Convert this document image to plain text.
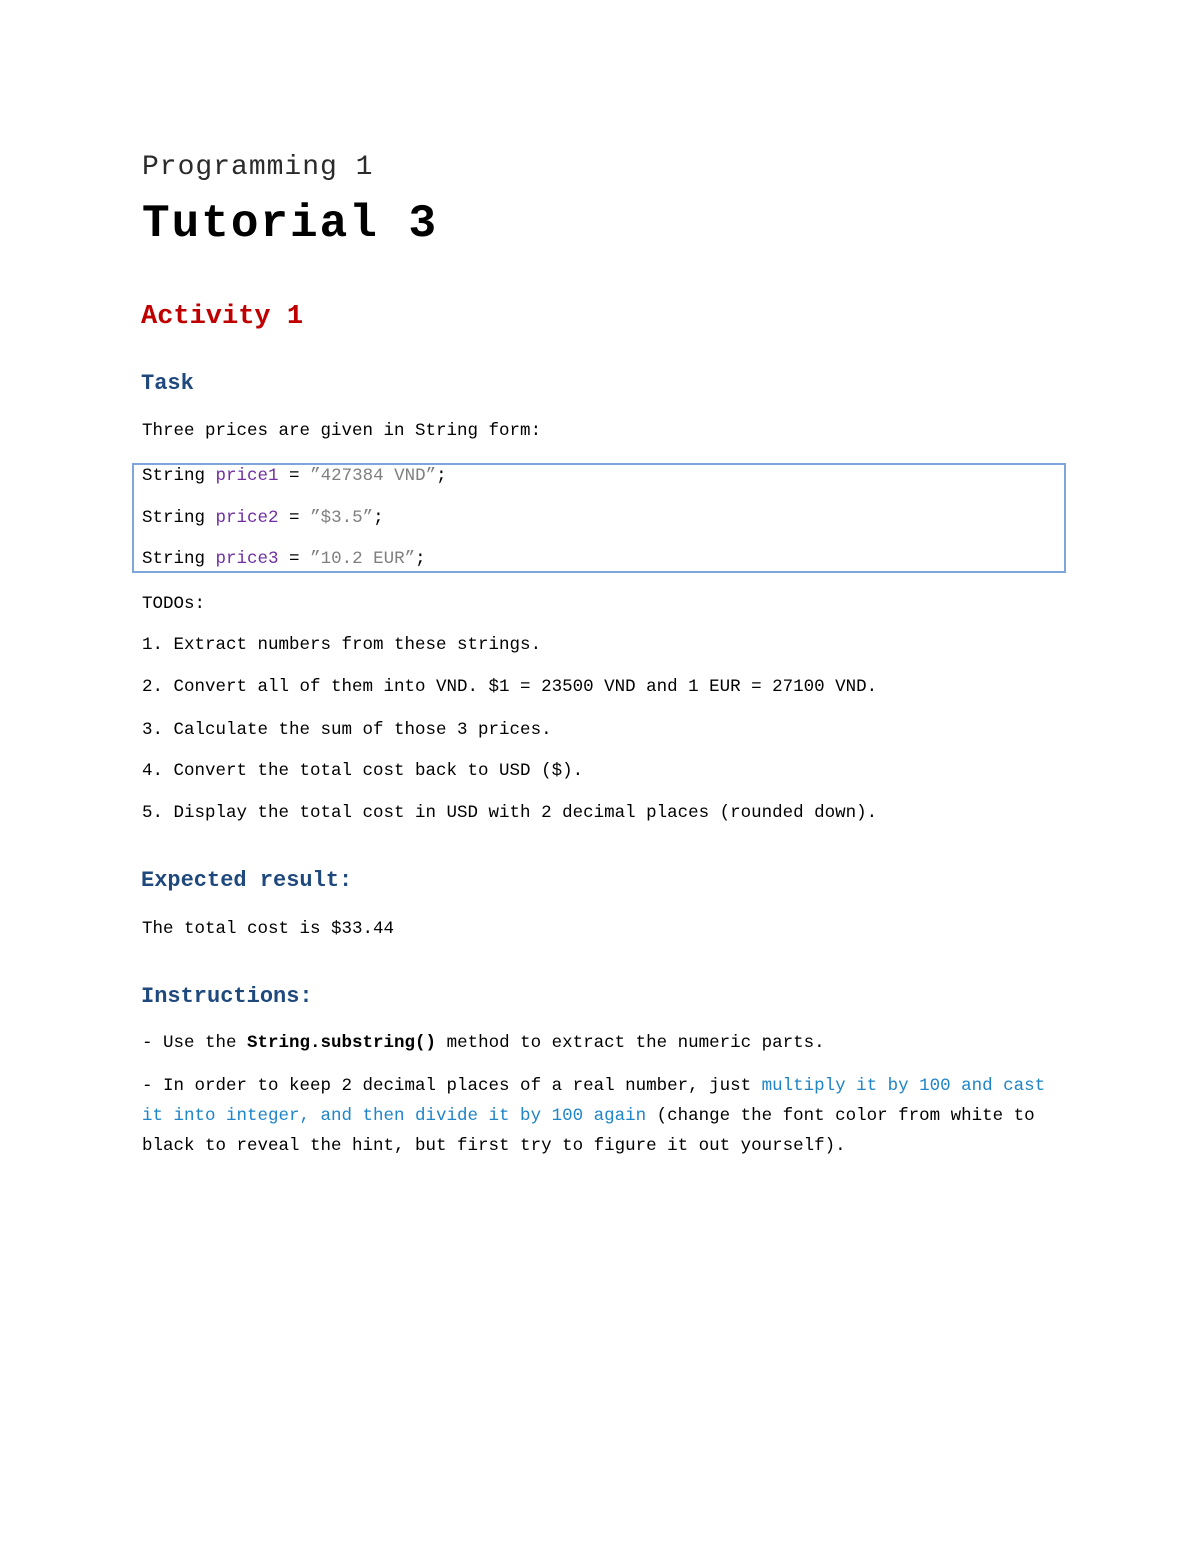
Programming 1
Tutorial 3
Activity 1
Task
Three prices are given in String form:
String price1 = ”427384 VND”;
String price2 = ”$3.5”;
String price3 = ”10.2 EUR”;
TODOs:
1. Extract numbers from these strings.
2. Convert all of them into VND. $1 = 23500 VND and 1 EUR = 27100 VND.
3. Calculate the sum of those 3 prices.
4. Convert the total cost back to USD ($).
5. Display the total cost in USD with 2 decimal places (rounded down).
Expected result:
The total cost is $33.44
Instructions:
- Use the String.substring() method to extract the numeric parts.
- In order to keep 2 decimal places of a real number, just multiply it by 100 and cast it into integer, and then divide it by 100 again (change the font color from white to black to reveal the hint, but first try to figure it out yourself).
